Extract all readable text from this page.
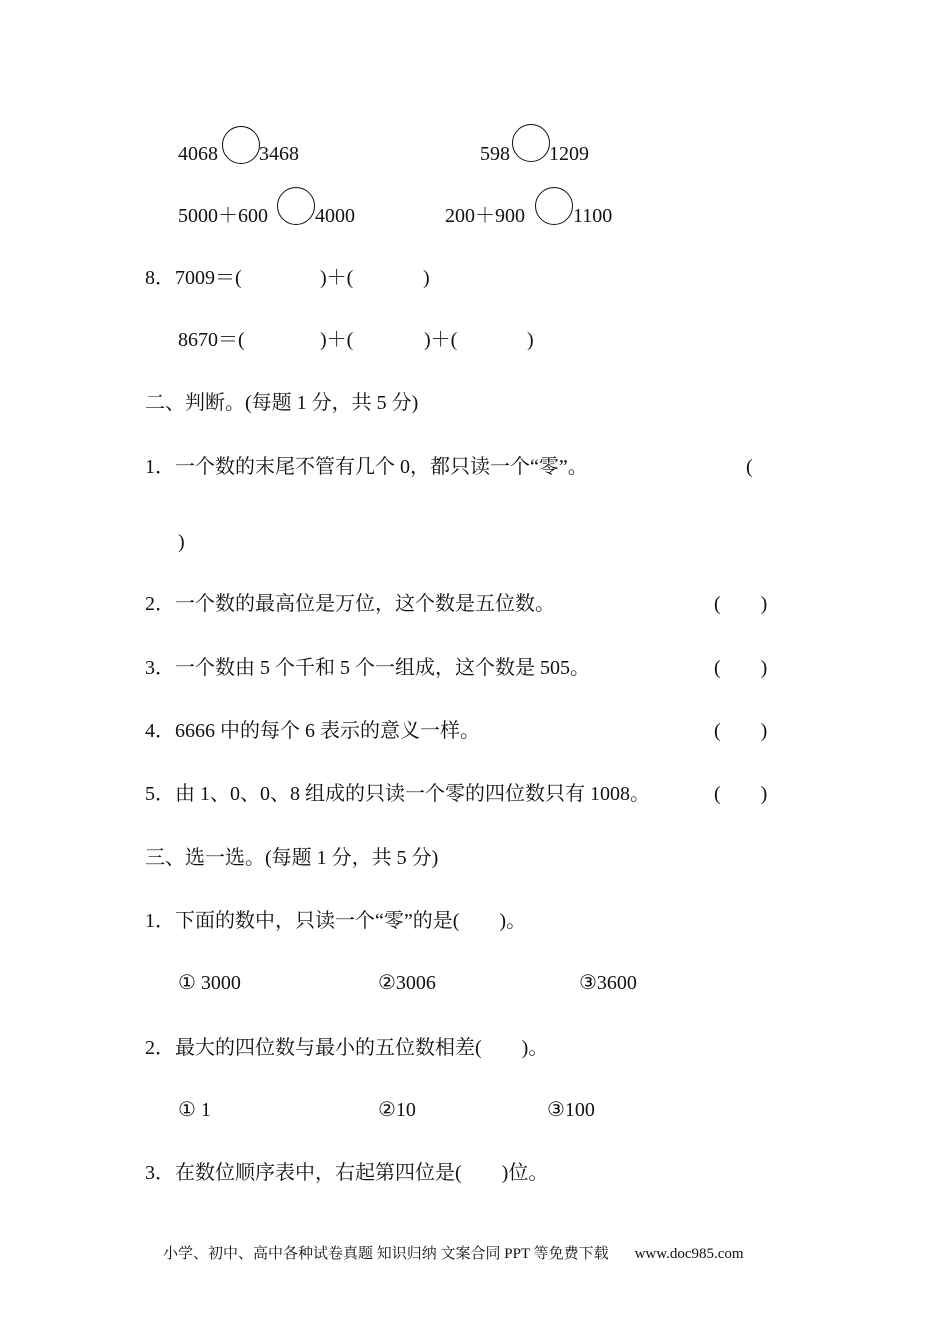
4068 3468	598 1209
5000＋600 4000	200＋900 1100
8．7009＝(	)＋(	)
8670＝(	)＋(	)＋(	)
二、判断。(每题 1 分，共 5 分)
1．一个数的末尾不管有几个 0，都只读一个“零”。	(
)
2．一个数的最高位是万位，这个数是五位数。	(　　)
3．一个数由 5 个千和 5 个一组成，这个数是 505。	(　　)
4．6666 中的每个 6 表示的意义一样。	(　　)
5．由 1、0、0、8 组成的只读一个零的四位数只有 1008。	(　　)
三、选一选。(每题 1 分，共 5 分)
1．下面的数中，只读一个“零”的是(　　)。
① 3000	②3006	③3600
2．最大的四位数与最小的五位数相差(　　)。
① 1	②10	③100
3．在数位顺序表中，右起第四位是(　　)位。
小学、初中、高中各种试卷真题 知识归纳 文案合同 PPT 等免费下载 www.doc985.com
